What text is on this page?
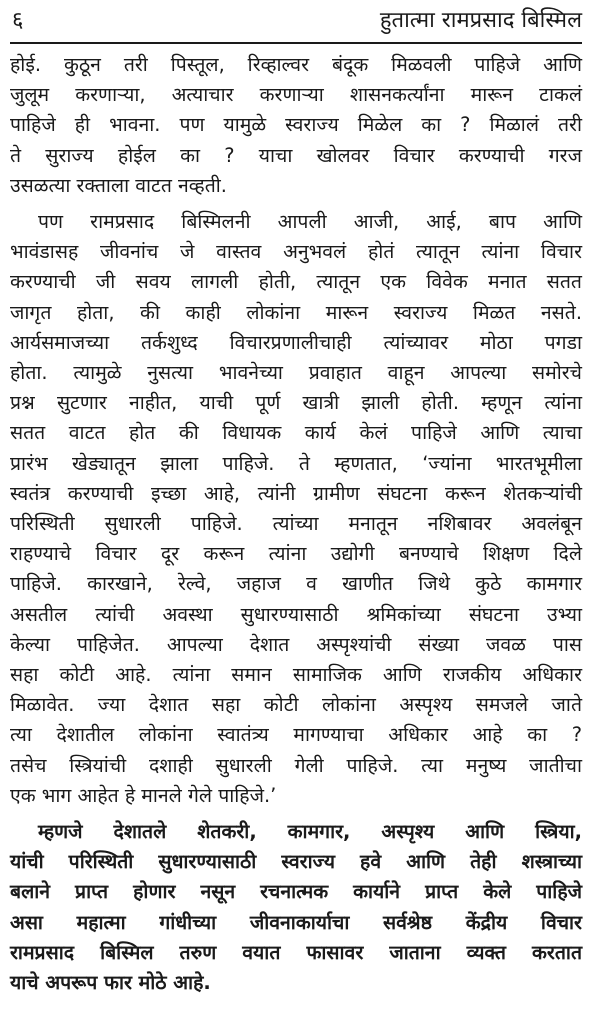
६	हुतात्मा रामप्रसाद बिस्मिल

होई. कुठून तरी पिस्तूल, रिव्हाल्वर बंदूक मिळवली पाहिजे आणि

जुलूम करणाऱ्या, अत्याचार करणाऱ्या शासनकर्त्यांना मारून टाकलं

पाहिजे ही भावना. पण यामुळे स्वराज्य मिळेल का ? मिळालं तरी

ते सुराज्य होईल का ? याचा खोलवर विचार करण्याची गरज

उसळत्या रक्ताला वाटत नव्हती.

पण रामप्रसाद बिस्मिलनी आपली आजी, आई, बाप आणि

भावंडासह जीवनांच जे वास्तव अनुभवलं होतं त्यातून त्यांना विचार

करण्याची जी सवय लागली होती, त्यातून एक विवेक मनात सतत

जागृत होता, की काही लोकांना मारून स्वराज्य मिळत नसते.

आर्यसमाजच्या तर्कशुध्द विचारप्रणालीचाही त्यांच्यावर मोठा पगडा

होता. त्यामुळे नुसत्या भावनेच्या प्रवाहात वाहून आपल्या समोरचे

प्रश्न सुटणार नाहीत, याची पूर्ण खात्री झाली होती. म्हणून त्यांना

सतत वाटत होत की विधायक कार्य केलं पाहिजे आणि त्याचा

प्रारंभ खेड्यातून झाला पाहिजे. ते म्हणतात, ‘ज्यांना भारतभूमीला

स्वतंत्र करण्याची इच्छा आहे, त्यांनी ग्रामीण संघटना करून शेतकऱ्यांची

परिस्थिती सुधारली पाहिजे. त्यांच्या मनातून नशिबावर अवलंबून

राहण्याचे विचार दूर करून त्यांना उद्योगी बनण्याचे शिक्षण दिले

पाहिजे. कारखाने, रेल्वे, जहाज व खाणीत जिथे कुठे कामगार

असतील त्यांची अवस्था सुधारण्यासाठी श्रमिकांच्या संघटना उभ्या

केल्या पाहिजेत. आपल्या देशात अस्पृश्यांची संख्या जवळ पास

सहा कोटी आहे. त्यांना समान सामाजिक आणि राजकीय अधिकार

मिळावेत. ज्या देशात सहा कोटी लोकांना अस्पृश्य समजले जाते

त्या देशातील लोकांना स्वातंत्र्य मागण्याचा अधिकार आहे का ?

तसेच स्त्रियांची दशाही सुधारली गेली पाहिजे. त्या मनुष्य जातीचा

एक भाग आहेत हे मानले गेले पाहिजे.’

म्हणजे देशातले शेतकरी, कामगार, अस्पृश्य आणि स्त्रिया,

यांची परिस्थिती सुधारण्यासाठी स्वराज्य हवे आणि तेही शस्त्राच्या

बलाने प्राप्त होणार नसून रचनात्मक कार्याने प्राप्त केले पाहिजे

असा महात्मा गांधीच्या जीवनाकार्याचा सर्वश्रेष्ठ केंद्रीय विचार

रामप्रसाद बिस्मिल तरुण वयात फासावर जाताना व्यक्त करतात

याचे अपरूप फार मोठे आहे.
